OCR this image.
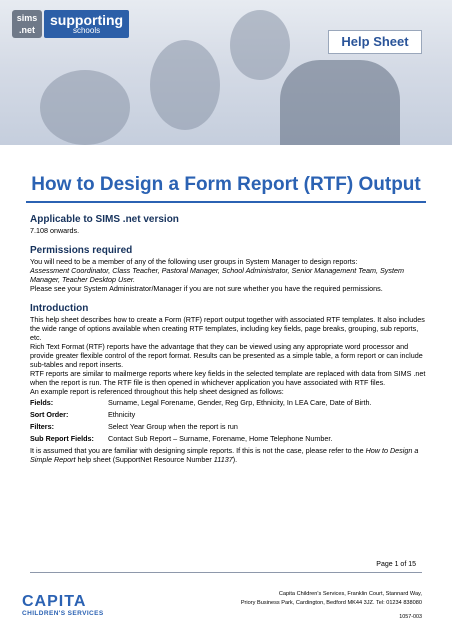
sims
.net
supporting
schools
Help Sheet
How to Design a Form Report (RTF) Output
Applicable to SIMS .net version

7.108 onwards.

Permissions required

You will need to be a member of any of the following user groups in System Manager to design reports:

Assessment Coordinator, Class Teacher, Pastoral Manager, School Administrator, Senior Management Team, System Manager, Teacher Desktop User.

Please see your System Administrator/Manager if you are not sure whether you have the required permissions.

Introduction

This help sheet describes how to create a Form (RTF) report output together with associated RTF templates. It also includes the wide range of options available when creating RTF templates, including key fields, page breaks, grouping, sub reports, etc.

Rich Text Format (RTF) reports have the advantage that they can be viewed using any appropriate word processor and provide greater flexible control of the report format. Results can be presented as a simple table, a form report or can include sub-tables and report inserts.

RTF reports are similar to mailmerge reports where key fields in the selected template are replaced with data from SIMS .net when the report is run. The RTF file is then opened in whichever application you have associated with RTF files.

An example report is referenced throughout this help sheet designed as follows:

Fields:	Surname, Legal Forename, Gender, Reg Grp, Ethnicity, In LEA Care, Date of Birth.
Sort Order:	Ethnicity
Filters:	Select Year Group when the report is run
Sub Report Fields:	Contact Sub Report – Surname, Forename, Home Telephone Number.

It is assumed that you are familiar with designing simple reports. If this is not the case, please refer to the How to Design a Simple Report help sheet (SupportNet Resource Number 11137).

Page 1 of 15
CAPITA
CHILDREN'S SERVICES
Capita Children's Services, Franklin Court, Stannard Way,
Priory Business Park, Cardington, Bedford MK44 3JZ. Tel: 01234 838080
1057-003
